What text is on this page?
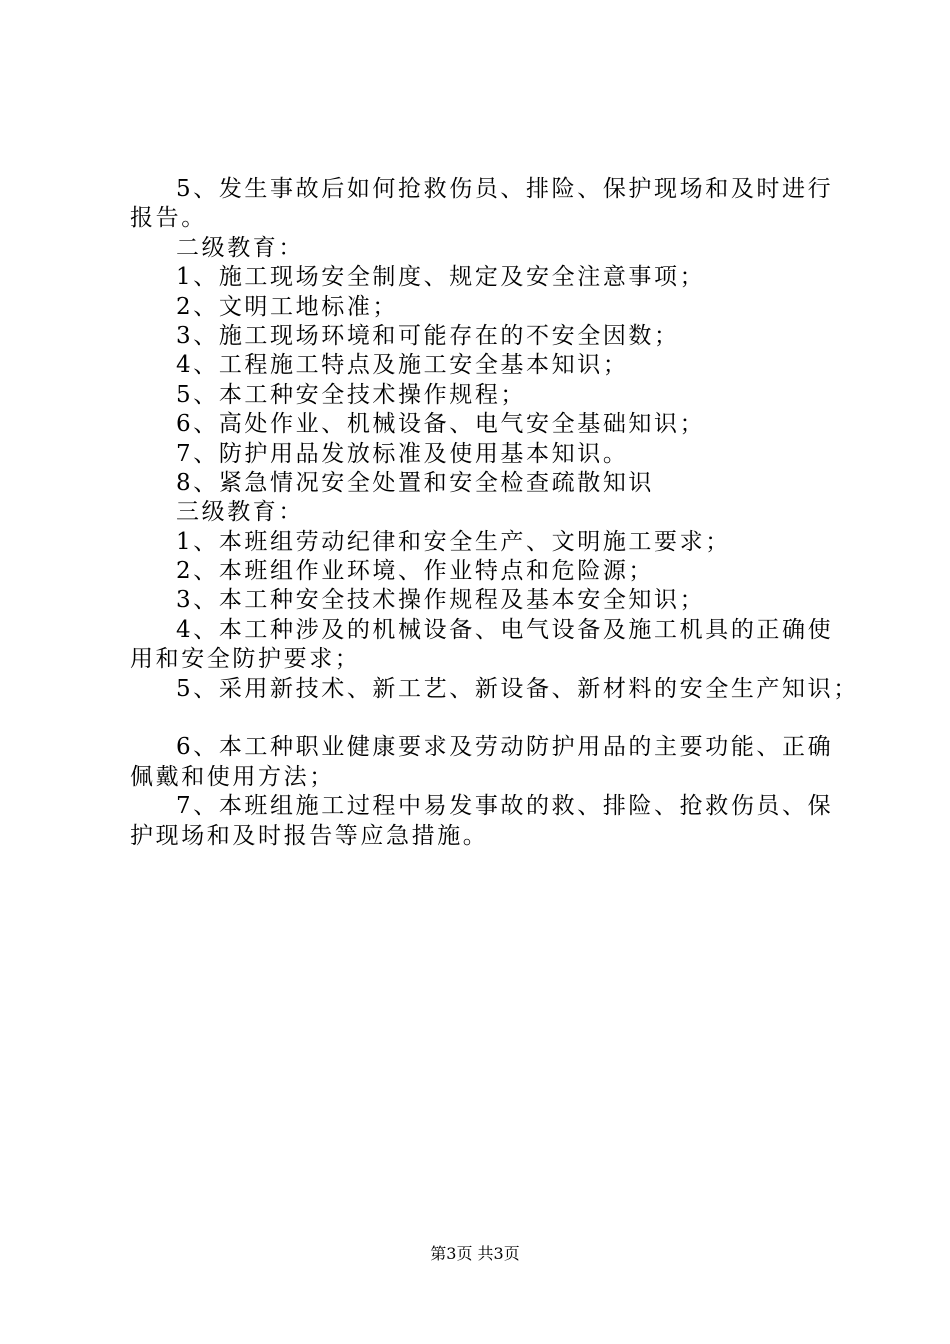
5、发生事故后如何抢救伤员、排险、保护现场和及时进行
报告。
二级教育：
1、施工现场安全制度、规定及安全注意事项；
2、文明工地标准；
3、施工现场环境和可能存在的不安全因数；
4、工程施工特点及施工安全基本知识；
5、本工种安全技术操作规程；
6、高处作业、机械设备、电气安全基础知识；
7、防护用品发放标准及使用基本知识。
8、紧急情况安全处置和安全检查疏散知识
三级教育：
1、本班组劳动纪律和安全生产、文明施工要求；
2、本班组作业环境、作业特点和危险源；
3、本工种安全技术操作规程及基本安全知识；
4、本工种涉及的机械设备、电气设备及施工机具的正确使
用和安全防护要求；
5、采用新技术、新工艺、新设备、新材料的安全生产知识；
6、本工种职业健康要求及劳动防护用品的主要功能、正确
佩戴和使用方法；
7、本班组施工过程中易发事故的救、排险、抢救伤员、保
护现场和及时报告等应急措施。
第3页 共3页
